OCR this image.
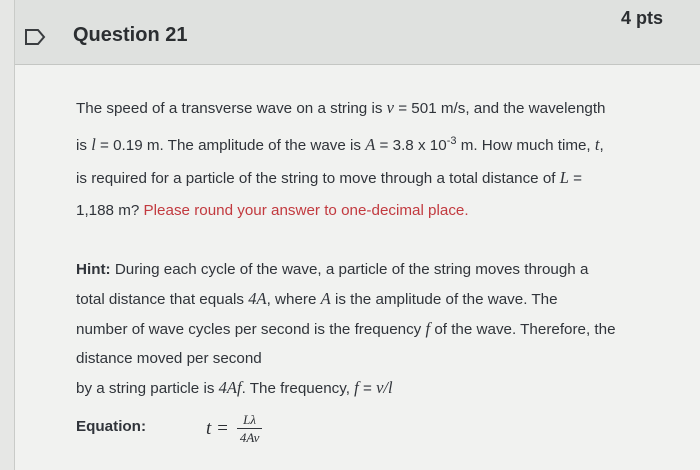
Question 21
4 pts

The speed of a transverse wave on a string is v = 501 m/s, and the wavelength

is l = 0.19 m. The amplitude of the wave is A = 3.8 x $10^{-3}$ m. How much time, t,

is required for a particle of the string to move through a total distance of L =

1,188 m? Please round your answer to one-decimal place.

Hint: During each cycle of the wave, a particle of the string moves through a
total distance that equals 4A, where A is the amplitude of the wave. The
number of wave cycles per second is the frequency f of the wave. Therefore, the
distance moved per second
by a string particle is 4Af. The frequency, f = v/l
Equation:	$t = \frac{L\lambda}{4Av}$
